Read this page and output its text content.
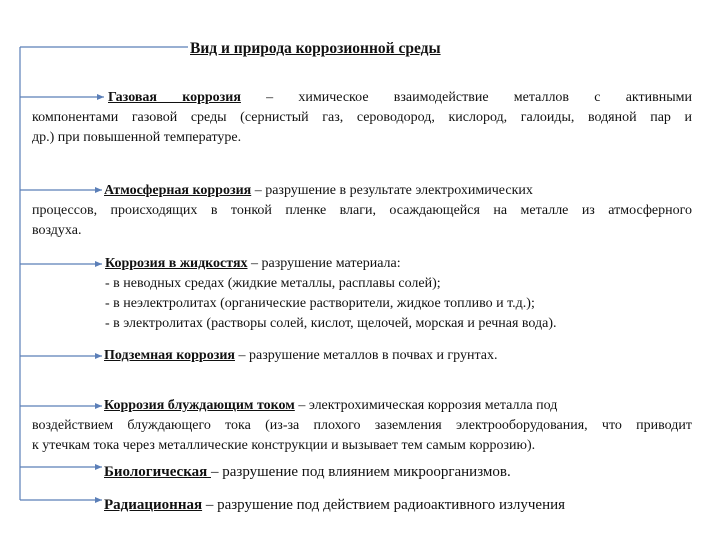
Вид и природа коррозионной среды
Газовая коррозия – химическое взаимодействие металлов с активными
компонентами газовой среды (сернистый газ, сероводород, кислород, галоиды, водяной пар и
др.) при повышенной температуре.
Атмосферная коррозия – разрушение в результате электрохимических
процессов, происходящих в тонкой пленке влаги, осаждающейся на металле из атмосферного
воздуха.
Коррозия в жидкостях – разрушение материала:
- в неводных средах (жидкие металлы, расплавы солей);
- в неэлектролитах (органические растворители, жидкое топливо и т.д.);
- в электролитах (растворы солей, кислот, щелочей, морская и речная вода).
Подземная коррозия – разрушение металлов в почвах и грунтах.
Коррозия блуждающим током – электрохимическая коррозия металла под
воздействием блуждающего тока (из-за плохого заземления электрооборудования, что приводит
к утечкам тока через металлические конструкции и вызывает тем самым коррозию).
Биологическая – разрушение под влиянием микроорганизмов.
Радиационная – разрушение под действием радиоактивного излучения
